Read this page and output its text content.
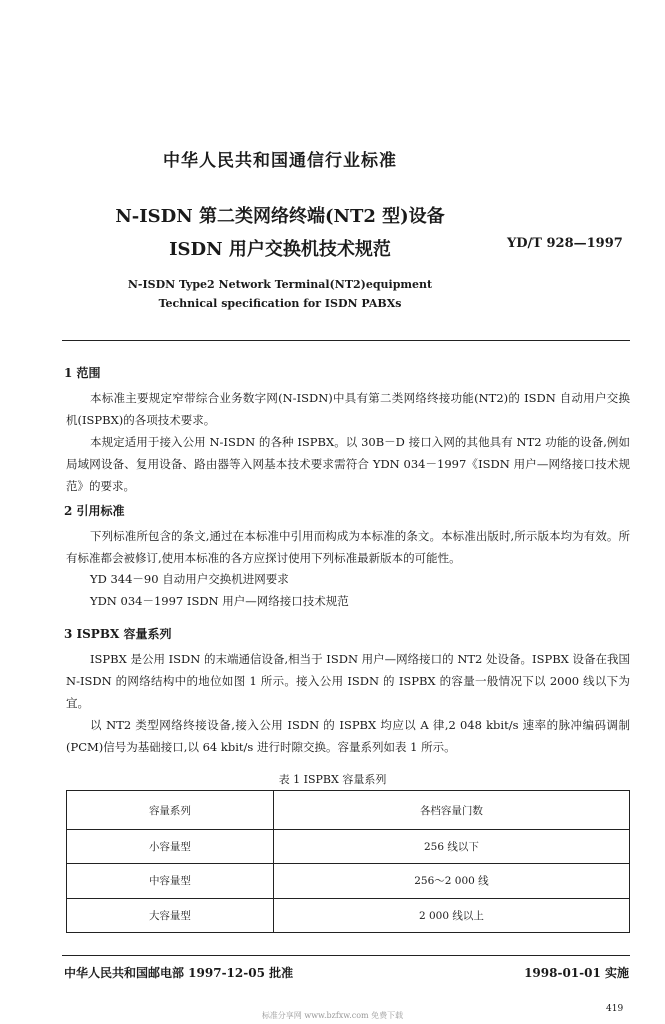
中华人民共和国通信行业标准
N-ISDN 第二类网络终端(NT2 型)设备
ISDN 用户交换机技术规范	YD/T 928—1997
N-ISDN Type2 Network Terminal(NT2)equipment
Technical specification for ISDN PABXs
1 范围
本标准主要规定窄带综合业务数字网(N-ISDN)中具有第二类网络终接功能(NT2)的 ISDN 自动用户交换机(ISPBX)的各项技术要求。
本规定适用于接入公用 N-ISDN 的各种 ISPBX。以 30B－D 接口入网的其他具有 NT2 功能的设备,例如局域网设备、复用设备、路由器等入网基本技术要求需符合 YDN 034－1997《ISDN 用户—网络接口技术规范》的要求。
2 引用标准
下列标准所包含的条文,通过在本标准中引用而构成为本标准的条文。本标准出版时,所示版本均为有效。所有标准都会被修订,使用本标准的各方应探讨使用下列标准最新版本的可能性。
YD 344－90 自动用户交换机进网要求
YDN 034－1997 ISDN 用户—网络接口技术规范
3 ISPBX 容量系列
ISPBX 是公用 ISDN 的末端通信设备,相当于 ISDN 用户—网络接口的 NT2 处设备。ISPBX 设备在我国 N-ISDN 的网络结构中的地位如图 1 所示。接入公用 ISDN 的 ISPBX 的容量一般情况下以 2000 线以下为宜。
以 NT2 类型网络终接设备,接入公用 ISDN 的 ISPBX 均应以 A 律,2 048 kbit/s 速率的脉冲编码调制(PCM)信号为基础接口,以 64 kbit/s 进行时隙交换。容量系列如表 1 所示。
表 1 ISPBX 容量系列
容量系列	各档容量门数
小容量型	256 线以下
中容量型	256～2 000 线
大容量型	2 000 线以上
中华人民共和国邮电部 1997-12-05 批准	1998-01-01 实施
419
标准分享网 www.bzfxw.com 免费下载
